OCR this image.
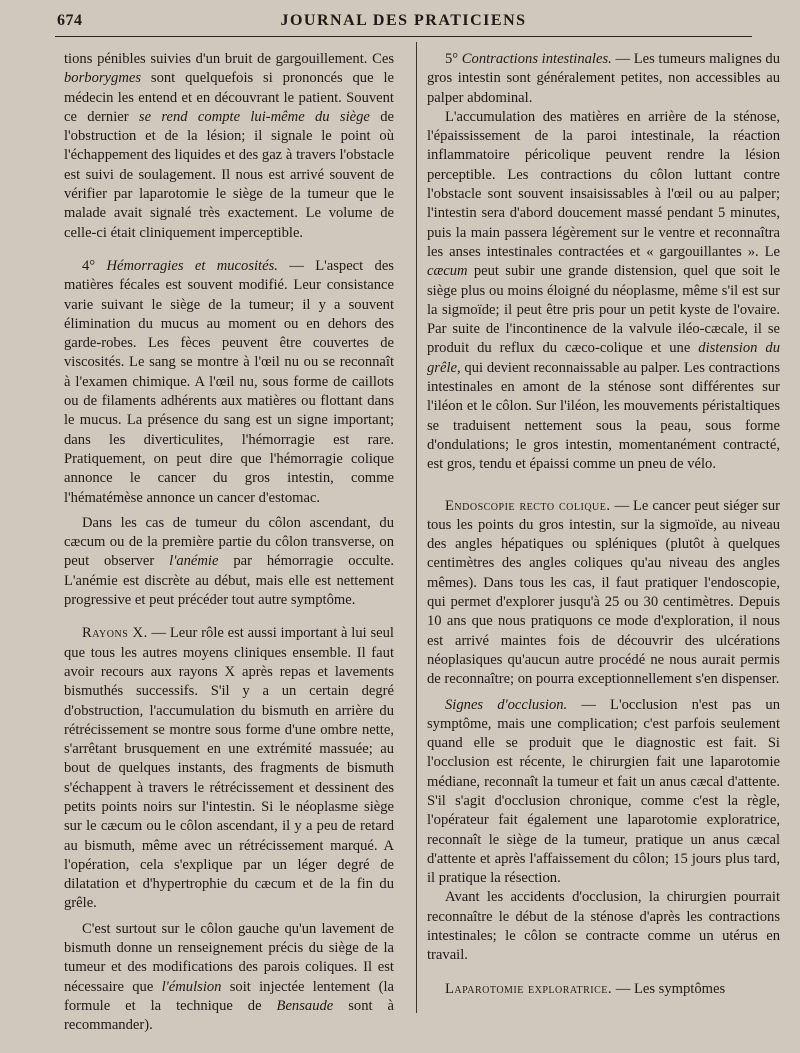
674	JOURNAL DES PRATICIENS

tions pénibles suivies d'un bruit de gargouillement. Ces borborygmes sont quelquefois si prononcés que le médecin les entend et en découvrant le patient. Souvent ce dernier se rend compte lui-même du siège de l'obstruction et de la lésion; il signale le point où l'échappement des liquides et des gaz à travers l'obstacle est suivi de soulagement. Il nous est arrivé souvent de vérifier par laparotomie le siège de la tumeur que le malade avait signalé très exactement. Le volume de celle-ci était cliniquement imperceptible.

4° Hémorragies et mucosités. — L'aspect des matières fécales est souvent modifié. Leur consistance varie suivant le siège de la tumeur; il y a souvent élimination du mucus au moment ou en dehors des garde-robes. Les fèces peuvent être couvertes de viscosités. Le sang se montre à l'œil nu ou se reconnaît à l'examen chimique. A l'œil nu, sous forme de caillots ou de filaments adhérents aux matières ou flottant dans le mucus. La présence du sang est un signe important; dans les diverticulites, l'hémorragie est rare. Pratiquement, on peut dire que l'hémorragie colique annonce le cancer du gros intestin, comme l'hématémèse annonce un cancer d'estomac.

Dans les cas de tumeur du côlon ascendant, du cæcum ou de la première partie du côlon transverse, on peut observer l'anémie par hémorragie occulte. L'anémie est discrète au début, mais elle est nettement progressive et peut précéder tout autre symptôme.

Rayons X. — Leur rôle est aussi important à lui seul que tous les autres moyens cliniques ensemble. Il faut avoir recours aux rayons X après repas et lavements bismuthés successifs. S'il y a un certain degré d'obstruction, l'accumulation du bismuth en arrière du rétrécissement se montre sous forme d'une ombre nette, s'arrêtant brusquement en une extrémité massuée; au bout de quelques instants, des fragments de bismuth s'échappent à travers le rétrécissement et dessinent des petits points noirs sur l'intestin. Si le néoplasme siège sur le cæcum ou le côlon ascendant, il y a peu de retard au bismuth, même avec un rétrécissement marqué. A l'opération, cela s'explique par un léger degré de dilatation et d'hypertrophie du cæcum et de la fin du grêle.

C'est surtout sur le côlon gauche qu'un lavement de bismuth donne un renseignement précis du siège de la tumeur et des modifications des parois coliques. Il est nécessaire que l'émulsion soit injectée lentement (la formule et la technique de Bensaude sont à recommander).

5° Contractions intestinales. — Les tumeurs malignes du gros intestin sont généralement petites, non accessibles au palper abdominal.

L'accumulation des matières en arrière de la sténose, l'épaississement de la paroi intestinale, la réaction inflammatoire péricolique peuvent rendre la lésion perceptible. Les contractions du côlon luttant contre l'obstacle sont souvent insaisissables à l'œil ou au palper; l'intestin sera d'abord doucement massé pendant 5 minutes, puis la main passera légèrement sur le ventre et reconnaîtra les anses intestinales contractées et « gargouillantes ». Le cæcum peut subir une grande distension, quel que soit le siège plus ou moins éloigné du néoplasme, même s'il est sur la sigmoïde; il peut être pris pour un petit kyste de l'ovaire. Par suite de l'incontinence de la valvule iléo-cæcale, il se produit du reflux du cæco-colique et une distension du grêle, qui devient reconnaissable au palper. Les contractions intestinales en amont de la sténose sont différentes sur l'iléon et le côlon. Sur l'iléon, les mouvements péristaltiques se traduisent nettement sous la peau, sous forme d'ondulations; le gros intestin, momentanément contracté, est gros, tendu et épaissi comme un pneu de vélo.

Endoscopie recto colique. — Le cancer peut siéger sur tous les points du gros intestin, sur la sigmoïde, au niveau des angles hépatiques ou spléniques (plutôt à quelques centimètres des angles coliques qu'au niveau des angles mêmes). Dans tous les cas, il faut pratiquer l'endoscopie, qui permet d'explorer jusqu'à 25 ou 30 centimètres. Depuis 10 ans que nous pratiquons ce mode d'exploration, il nous est arrivé maintes fois de découvrir des ulcérations néoplasiques qu'aucun autre procédé ne nous aurait permis de reconnaître; on pourra exceptionnellement s'en dispenser.

Signes d'occlusion. — L'occlusion n'est pas un symptôme, mais une complication; c'est parfois seulement quand elle se produit que le diagnostic est fait. Si l'occlusion est récente, le chirurgien fait une laparotomie médiane, reconnaît la tumeur et fait un anus cæcal d'attente. S'il s'agit d'occlusion chronique, comme c'est la règle, l'opérateur fait également une laparotomie exploratrice, reconnaît le siège de la tumeur, pratique un anus cæcal d'attente et après l'affaissement du côlon; 15 jours plus tard, il pratique la résection.

Avant les accidents d'occlusion, la chirurgien pourrait reconnaître le début de la sténose d'après les contractions intestinales; le côlon se contracte comme un utérus en travail.

Laparotomie exploratrice. — Les symptômes
